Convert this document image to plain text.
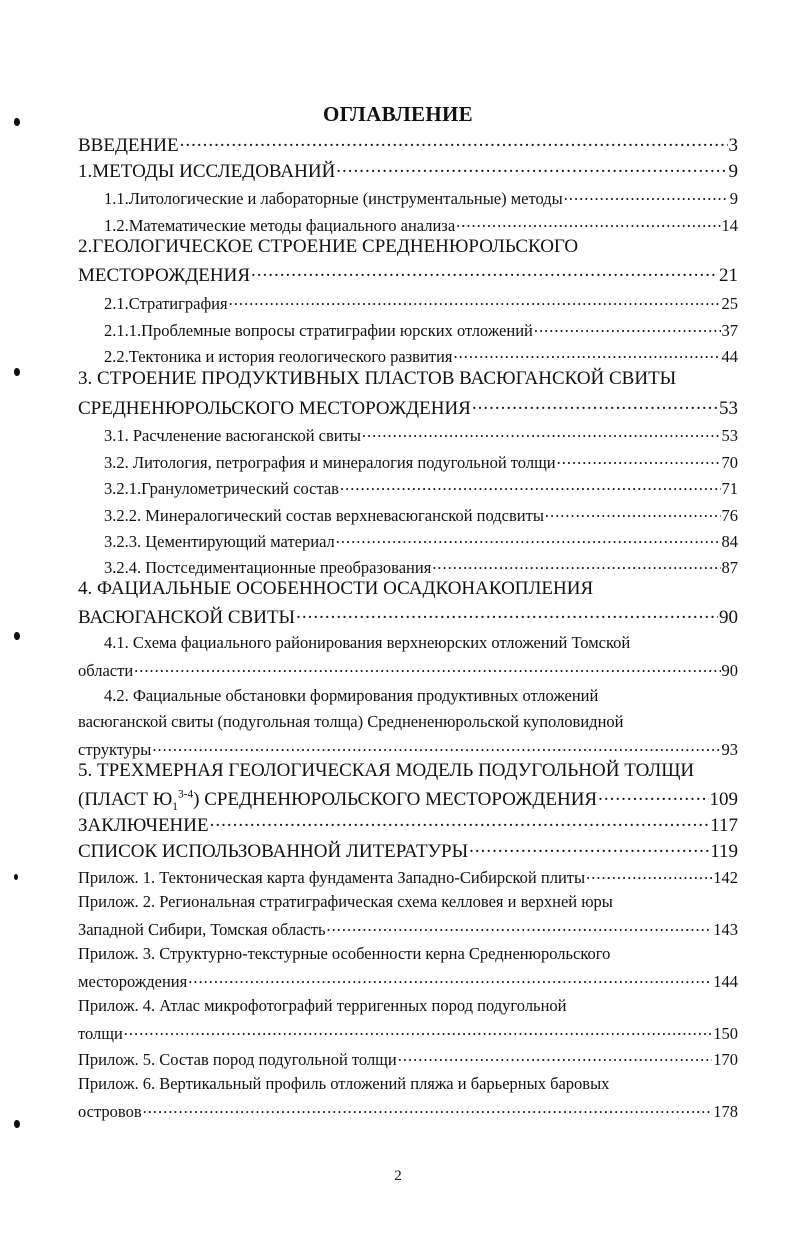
ОГЛАВЛЕНИЕ
ВВЕДЕНИЕ .....	3
1.МЕТОДЫ ИССЛЕДОВАНИЙ .....	9
1.1.Литологические и лабораторные (инструментальные) методы .....	9
1.2.Математические методы фациального анализа .....	14
2.ГЕОЛОГИЧЕСКОЕ СТРОЕНИЕ СРЕДНЕНЮРОЛЬСКОГО
МЕСТОРОЖДЕНИЯ .....	21
2.1.Стратиграфия .....	25
2.1.1.Проблемные вопросы стратиграфии юрских отложений .....	37
2.2.Тектоника и история геологического развития .....	44
3. СТРОЕНИЕ ПРОДУКТИВНЫХ ПЛАСТОВ ВАСЮГАНСКОЙ СВИТЫ
СРЕДНЕНЮРОЛЬСКОГО МЕСТОРОЖДЕНИЯ .....	53
3.1. Расчленение васюганской свиты .....	53
3.2. Литология, петрография и минералогия подугольной толщи .....	70
3.2.1.Гранулометрический состав .....	71
3.2.2. Минералогический состав верхневасюганской подсвиты .....	76
3.2.3. Цементирующий материал .....	84
3.2.4. Постседиментационные преобразования .....	87
4. ФАЦИАЛЬНЫЕ ОСОБЕННОСТИ ОСАДКОНАКОПЛЕНИЯ
ВАСЮГАНСКОЙ СВИТЫ .....	90
4.1. Схема фациального районирования верхнеюрских отложений Томской
области .....	90
4.2. Фациальные обстановки формирования продуктивных отложений
васюганской свиты (подугольная толща) Среднененюрольской куполовидной
структуры .....	93
5. ТРЕХМЕРНАЯ ГЕОЛОГИЧЕСКАЯ МОДЕЛЬ ПОДУГОЛЬНОЙ ТОЛЩИ
(ПЛАСТ $Ю_1^{3-4}$) СРЕДНЕНЮРОЛЬСКОГО МЕСТОРОЖДЕНИЯ .....	109
ЗАКЛЮЧЕНИЕ .....	117
СПИСОК ИСПОЛЬЗОВАННОЙ ЛИТЕРАТУРЫ .....	119
Прилож. 1. Тектоническая карта фундамента Западно-Сибирской плиты .....	142
Прилож. 2. Региональная стратиграфическая схема келловея и верхней юры
Западной Сибири, Томская область .....	143
Прилож. 3. Структурно-текстурные особенности керна Средненюрольского
месторождения .....	144
Прилож. 4. Атлас микрофотографий терригенных пород подугольной
толщи .....	150
Прилож. 5. Состав пород подугольной толщи .....	170
Прилож. 6. Вертикальный профиль отложений пляжа и барьерных баровых
островов .....	178
2
